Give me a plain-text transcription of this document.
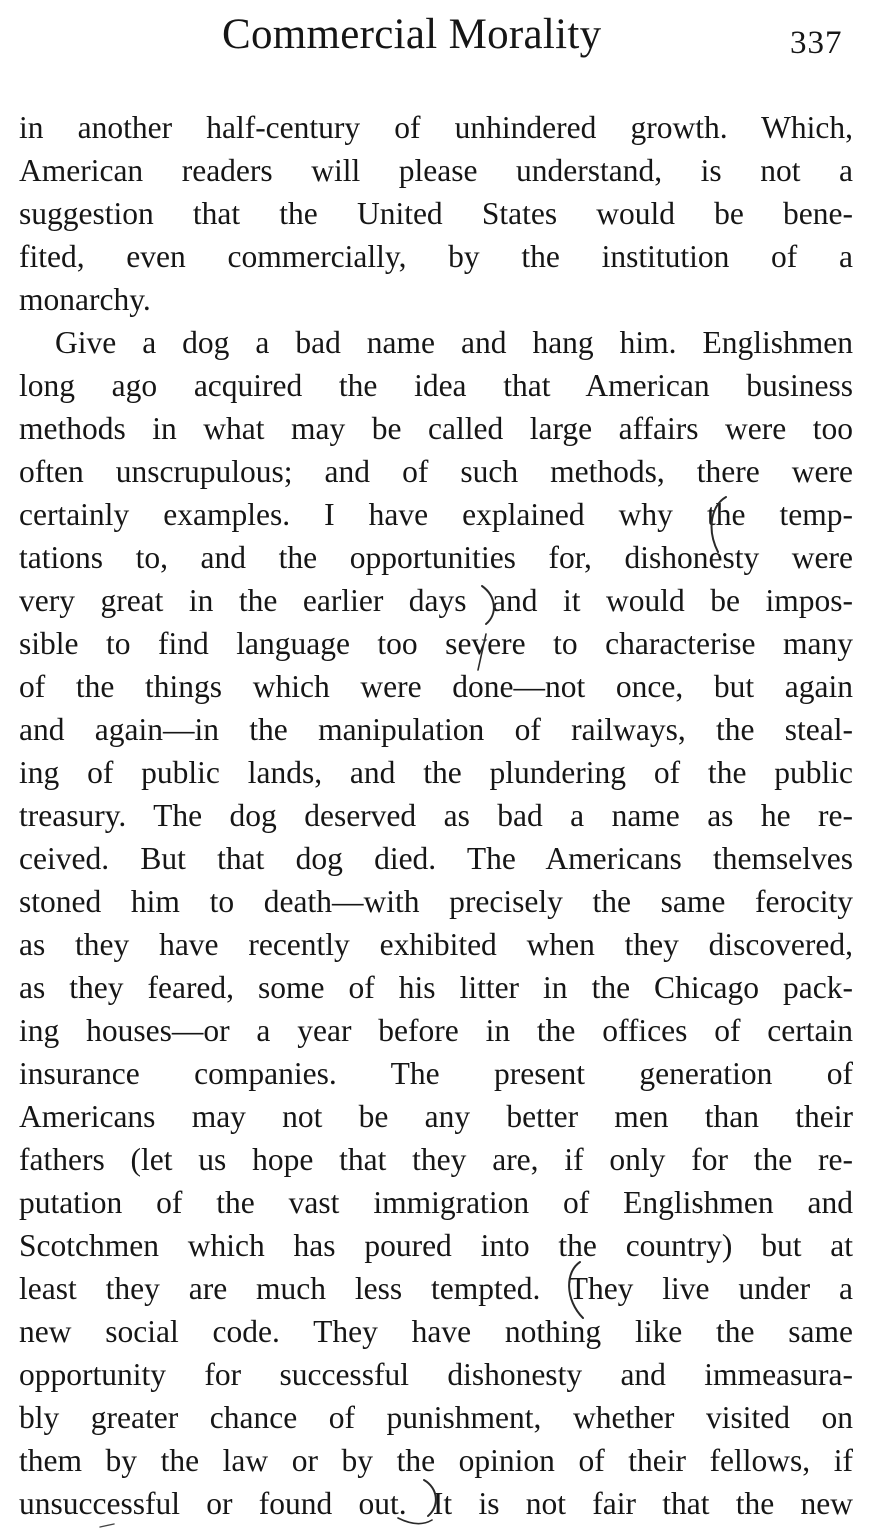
Commercial Morality	337
in another half-century of unhindered growth. Which,
American readers will please understand, is not a
suggestion that the United States would be bene-
fited, even commercially, by the institution of a
monarchy.
Give a dog a bad name and hang him. Englishmen
long ago acquired the idea that American business
methods in what may be called large affairs were too
often unscrupulous; and of such methods, there were
certainly examples. I have explained why the temp-
tations to, and the opportunities for, dishonesty were
very great in the earlier days and it would be impos-
sible to find language too severe to characterise many
of the things which were done—not once, but again
and again—in the manipulation of railways, the steal-
ing of public lands, and the plundering of the public
treasury. The dog deserved as bad a name as he re-
ceived. But that dog died. The Americans themselves
stoned him to death—with precisely the same ferocity
as they have recently exhibited when they discovered,
as they feared, some of his litter in the Chicago pack-
ing houses—or a year before in the offices of certain
insurance companies. The present generation of
Americans may not be any better men than their
fathers (let us hope that they are, if only for the re-
putation of the vast immigration of Englishmen and
Scotchmen which has poured into the country) but at
least they are much less tempted. They live under a
new social code. They have nothing like the same
opportunity for successful dishonesty and immeasura-
bly greater chance of punishment, whether visited on
them by the law or by the opinion of their fellows, if
unsuccessful or found out. It is not fair that the new
